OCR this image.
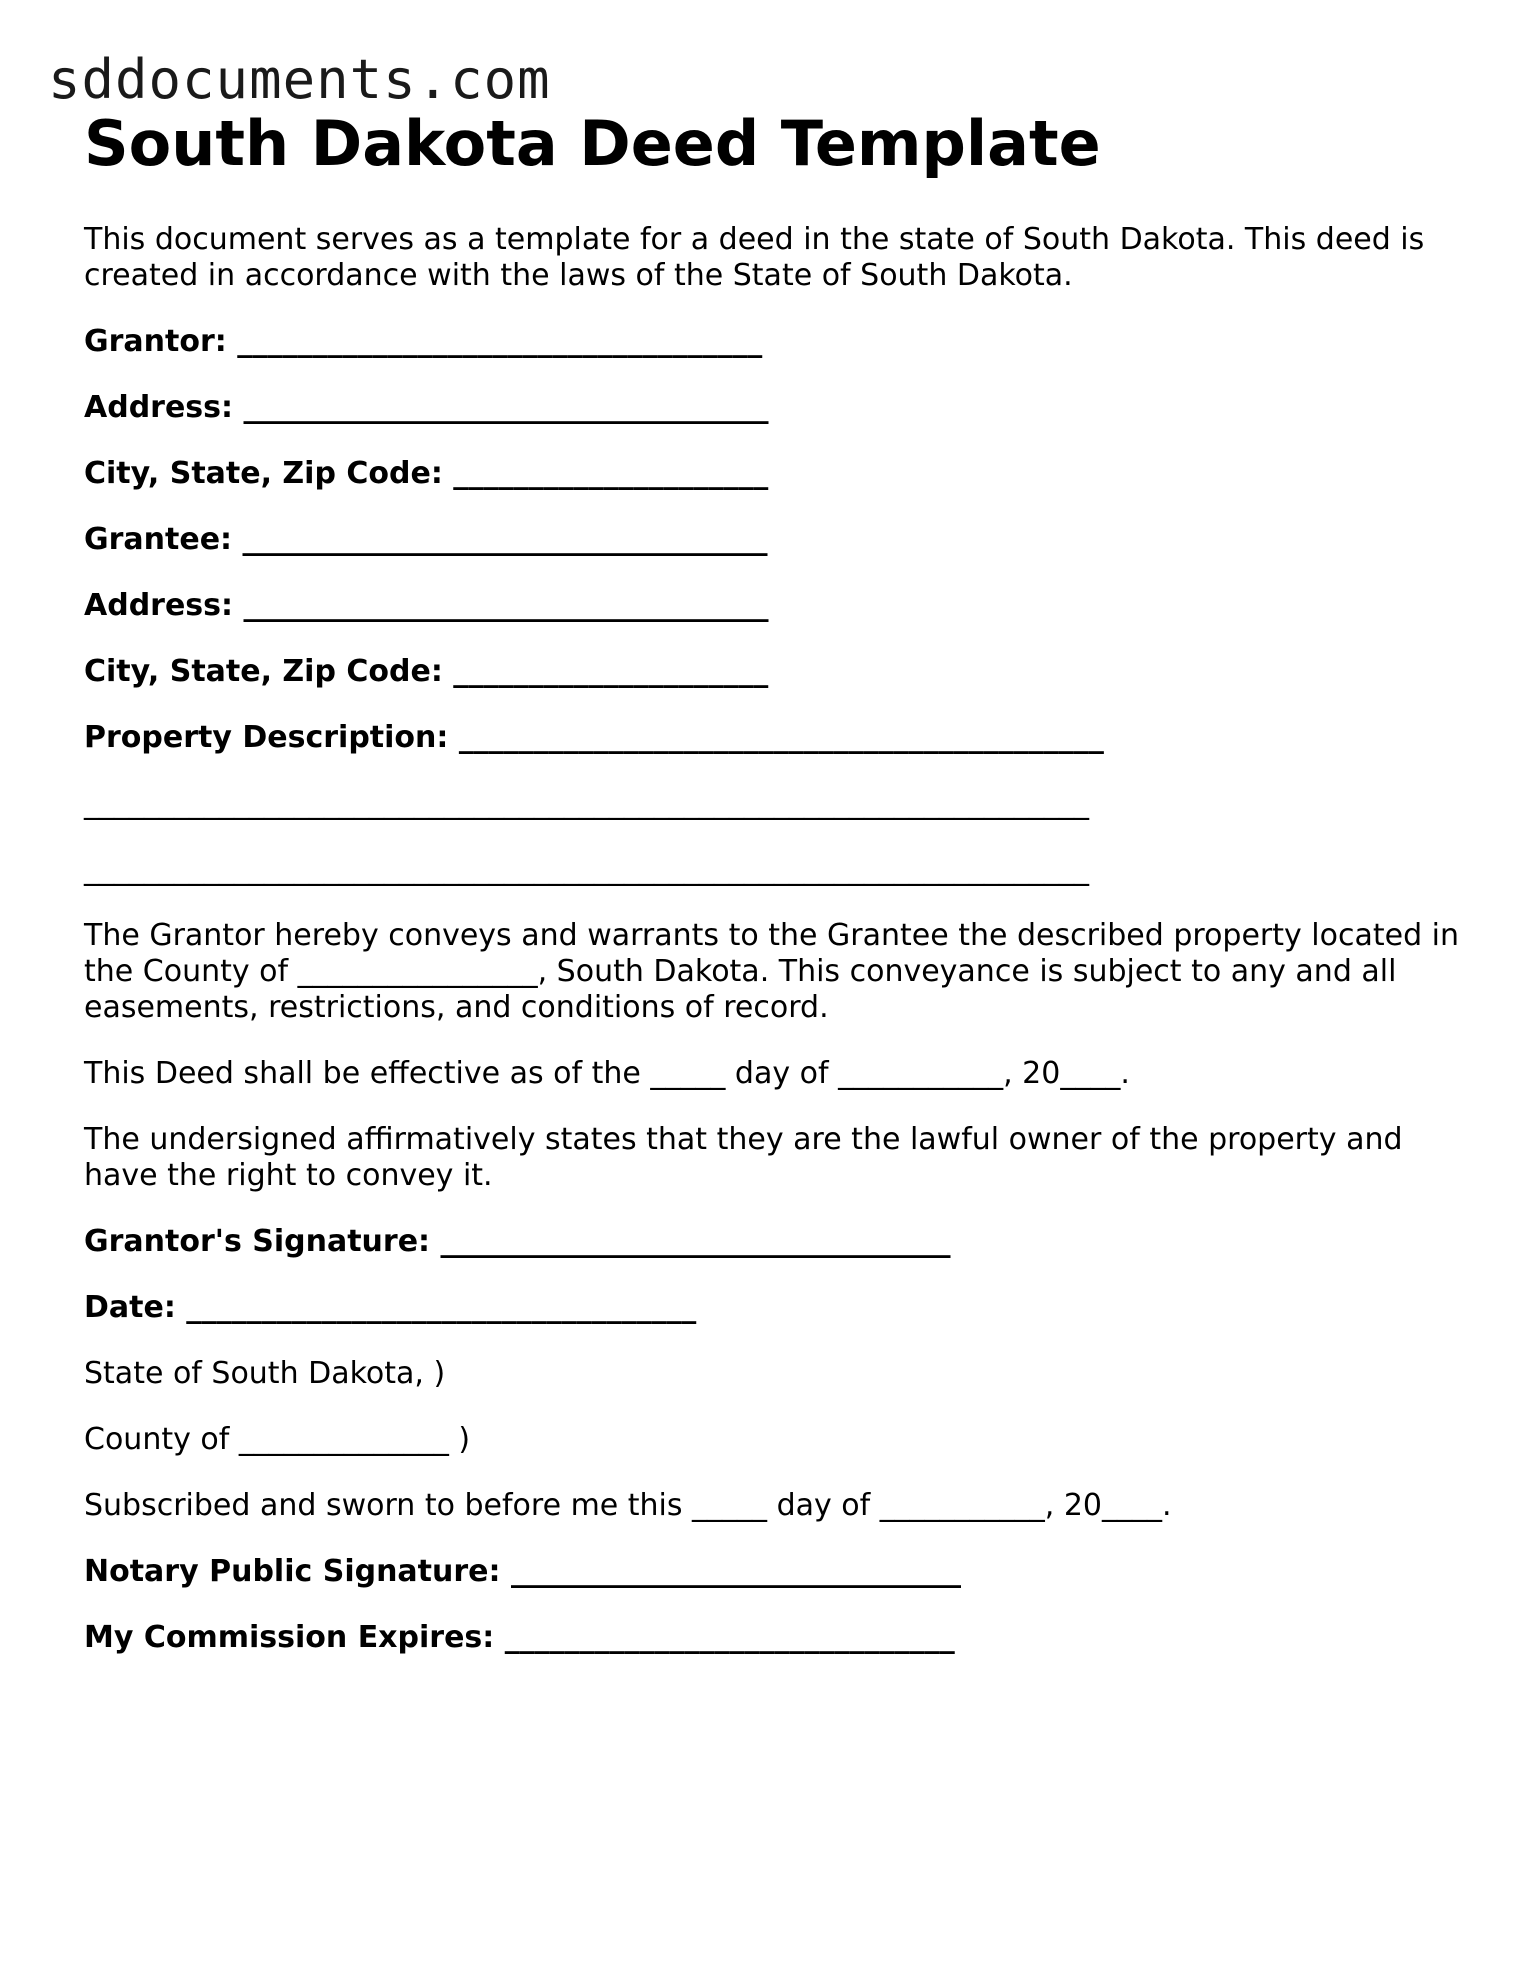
sddocuments.com
South Dakota Deed Template

This document serves as a template for a deed in the state of South Dakota. This deed is created in accordance with the laws of the State of South Dakota.

Grantor: ___________________________________
Address: ___________________________________
City, State, Zip Code: _____________________
Grantee: ___________________________________
Address: ___________________________________
City, State, Zip Code: _____________________
Property Description: ___________________________________________
___________________________________________________________________
___________________________________________________________________

The Grantor hereby conveys and warrants to the Grantee the described property located in the County of ________________, South Dakota. This conveyance is subject to any and all easements, restrictions, and conditions of record.

This Deed shall be effective as of the _____ day of ___________, 20____.

The undersigned affirmatively states that they are the lawful owner of the property and have the right to convey it.

Grantor's Signature: __________________________________
Date: __________________________________
State of South Dakota, )
County of ______________ )
Subscribed and sworn to before me this _____ day of ___________, 20____.
Notary Public Signature: ______________________________
My Commission Expires: ______________________________
